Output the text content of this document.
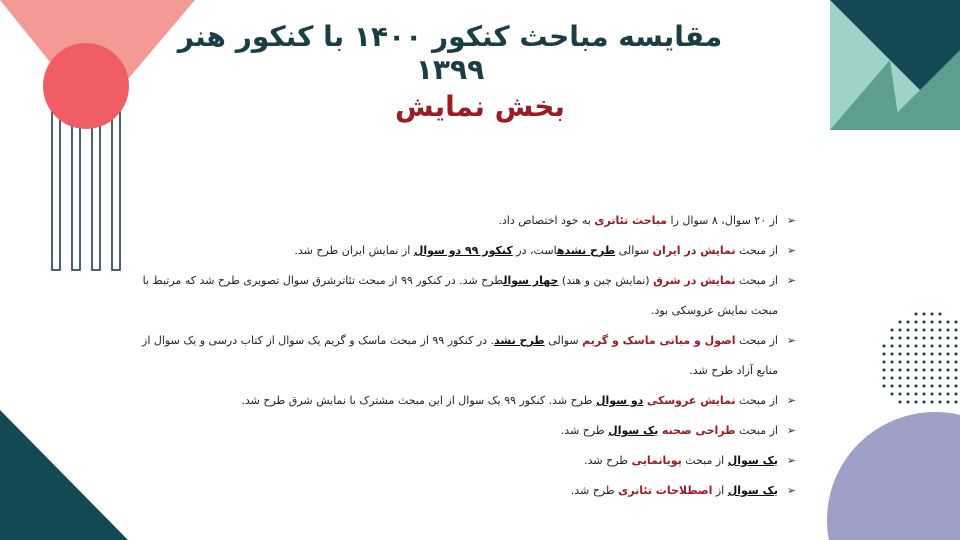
مقایسه مباحث کنکور ۱۴۰۰ با کنکور هنر ۱۳۹۹
بخش نمایش
➢
از ۲۰ سوال، ۸ سوال را مباحث تئاتری به خود اختصاص داد.
➢
از مبحث نمایش در ایران سوالی طرح نشدهاست، در کنکور ۹۹ دو سوال از نمایش ایران طرح شد.
➢
از مبحث نمایش در شرق (نمایش چین و هند) چهار سوالطرح شد. در کنکور ۹۹ از مبحث تئاترشرق سوال تصویری طرح شد که مرتبط با مبحث نمایش عروسکی بود.
➢
از مبحث اصول و مبانی ماسک و گریم سوالی طرح نشد. در کنکور ۹۹ از مبحث ماسک و گریم یک سوال از کتاب درسی و یک سوال از منابع آزاد طرح شد.
➢
از مبحث نمایش عروسکی دو سوال طرح شد. کنکور ۹۹ یک سوال از این مبحث مشترک با نمایش شرق طرح شد.
➢
از مبحث طراحی صحنه یک سوال طرح شد.
➢
یک سوال از مبحث پویانمایی طرح شد.
➢
یک سوال از اصطلاحات تئاتری طرح شد.
